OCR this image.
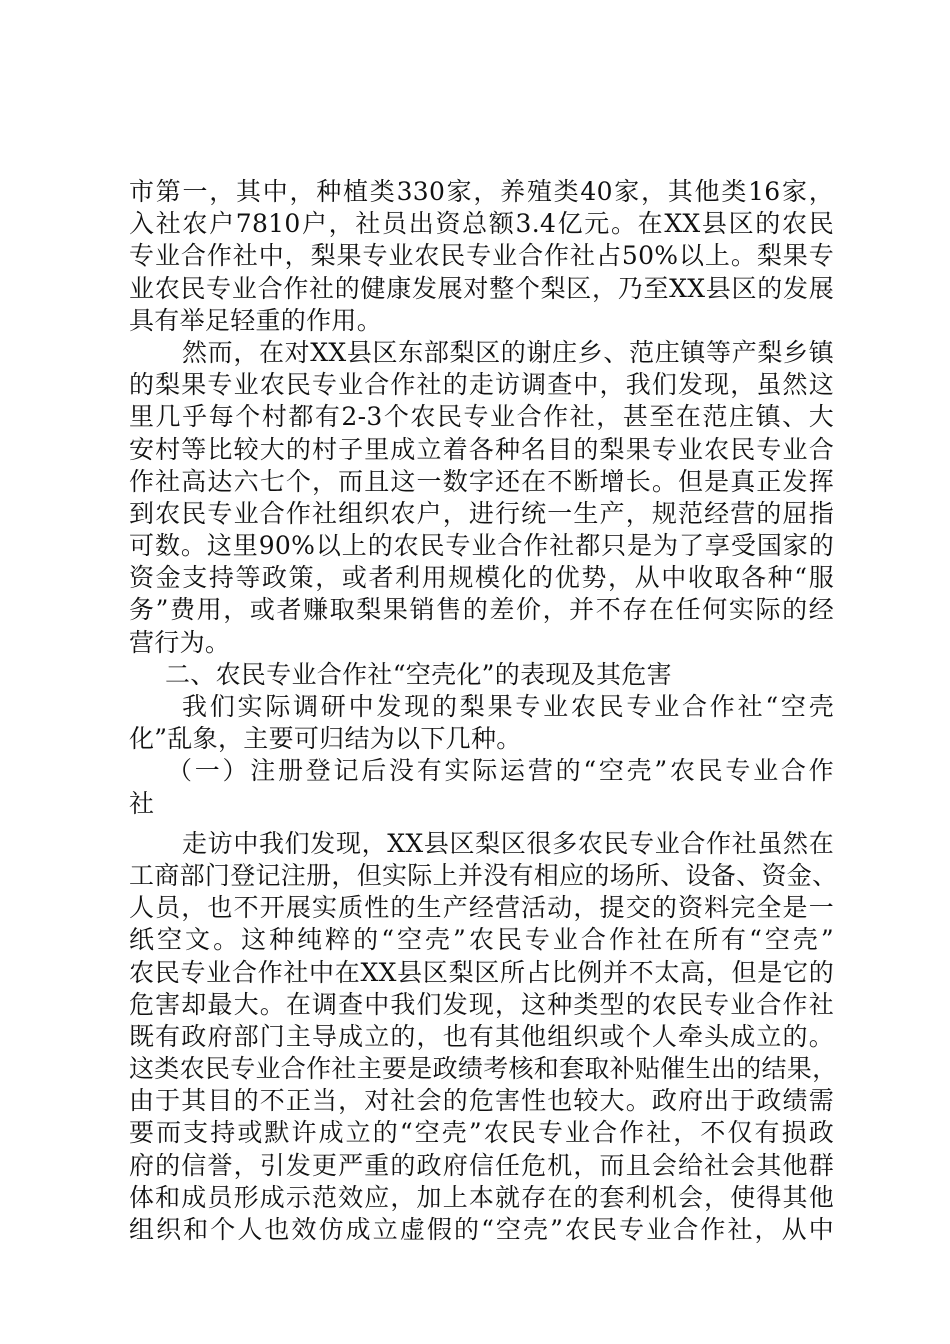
市第一，其中，种植类330家，养殖类40家，其他类16家，
入社农户7810户，社员出资总额3.4亿元。在XX县区的农民
专业合作社中，梨果专业农民专业合作社占50%以上。梨果专
业农民专业合作社的健康发展对整个梨区，乃至XX县区的发展
具有举足轻重的作用。
然而，在对XX县区东部梨区的谢庄乡、范庄镇等产梨乡镇
的梨果专业农民专业合作社的走访调查中，我们发现，虽然这
里几乎每个村都有2-3个农民专业合作社，甚至在范庄镇、大
安村等比较大的村子里成立着各种名目的梨果专业农民专业合
作社高达六七个，而且这一数字还在不断增长。但是真正发挥
到农民专业合作社组织农户，进行统一生产，规范经营的屈指
可数。这里90%以上的农民专业合作社都只是为了享受国家的
资金支持等政策，或者利用规模化的优势，从中收取各种“服
务”费用，或者赚取梨果销售的差价，并不存在任何实际的经
营行为。
二、农民专业合作社“空壳化”的表现及其危害
我们实际调研中发现的梨果专业农民专业合作社“空壳
化”乱象，主要可归结为以下几种。
（一）注册登记后没有实际运营的“空壳”农民专业合作
社
走访中我们发现，XX县区梨区很多农民专业合作社虽然在
工商部门登记注册，但实际上并没有相应的场所、设备、资金、
人员，也不开展实质性的生产经营活动，提交的资料完全是一
纸空文。这种纯粹的“空壳”农民专业合作社在所有“空壳”
农民专业合作社中在XX县区梨区所占比例并不太高，但是它的
危害却最大。在调查中我们发现，这种类型的农民专业合作社
既有政府部门主导成立的，也有其他组织或个人牵头成立的。
这类农民专业合作社主要是政绩考核和套取补贴催生出的结果，
由于其目的不正当，对社会的危害性也较大。政府出于政绩需
要而支持或默许成立的“空壳”农民专业合作社，不仅有损政
府的信誉，引发更严重的政府信任危机，而且会给社会其他群
体和成员形成示范效应，加上本就存在的套利机会，使得其他
组织和个人也效仿成立虚假的“空壳”农民专业合作社，从中
